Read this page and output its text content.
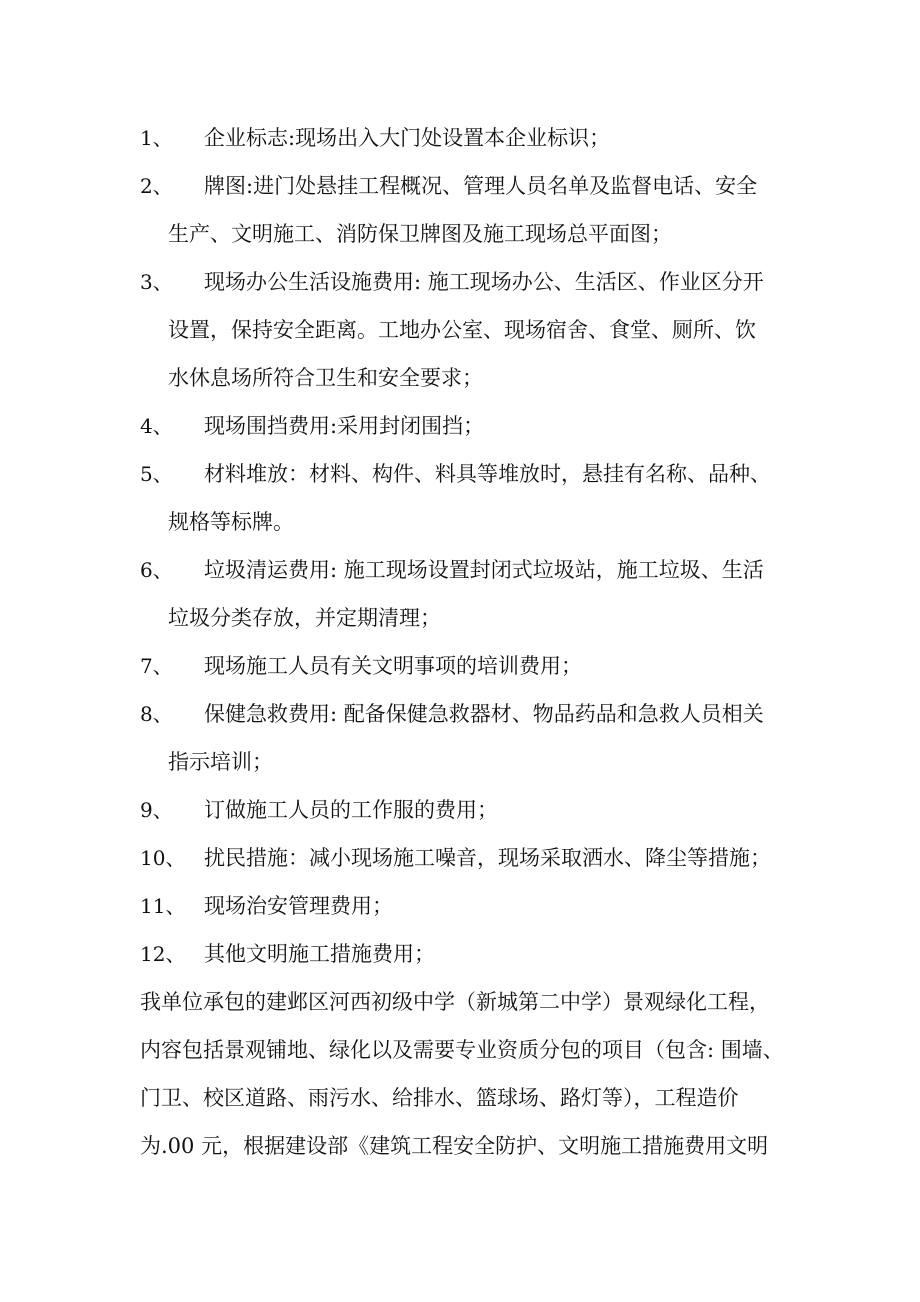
1、 企业标志:现场出入大门处设置本企业标识；
2、 牌图:进门处悬挂工程概况、管理人员名单及监督电话、安全
生产、文明施工、消防保卫牌图及施工现场总平面图；
3、 现场办公生活设施费用: 施工现场办公、生活区、作业区分开
设置，保持安全距离。工地办公室、现场宿舍、食堂、厕所、饮
水休息场所符合卫生和安全要求；
4、 现场围挡费用:采用封闭围挡；
5、 材料堆放：材料、构件、料具等堆放时，悬挂有名称、品种、
规格等标牌。
6、 垃圾清运费用: 施工现场设置封闭式垃圾站，施工垃圾、生活
垃圾分类存放，并定期清理；
7、 现场施工人员有关文明事项的培训费用；
8、 保健急救费用: 配备保健急救器材、物品药品和急救人员相关
指示培训；
9、 订做施工人员的工作服的费用；
10、 扰民措施：减小现场施工噪音，现场采取洒水、降尘等措施；
11、 现场治安管理费用；
12、 其他文明施工措施费用；
我单位承包的建邺区河西初级中学（新城第二中学）景观绿化工程，
内容包括景观铺地、绿化以及需要专业资质分包的项目（包含: 围墙、
门卫、校区道路、雨污水、给排水、篮球场、路灯等），工程造价
为.00 元，根据建设部《建筑工程安全防护、文明施工措施费用文明
